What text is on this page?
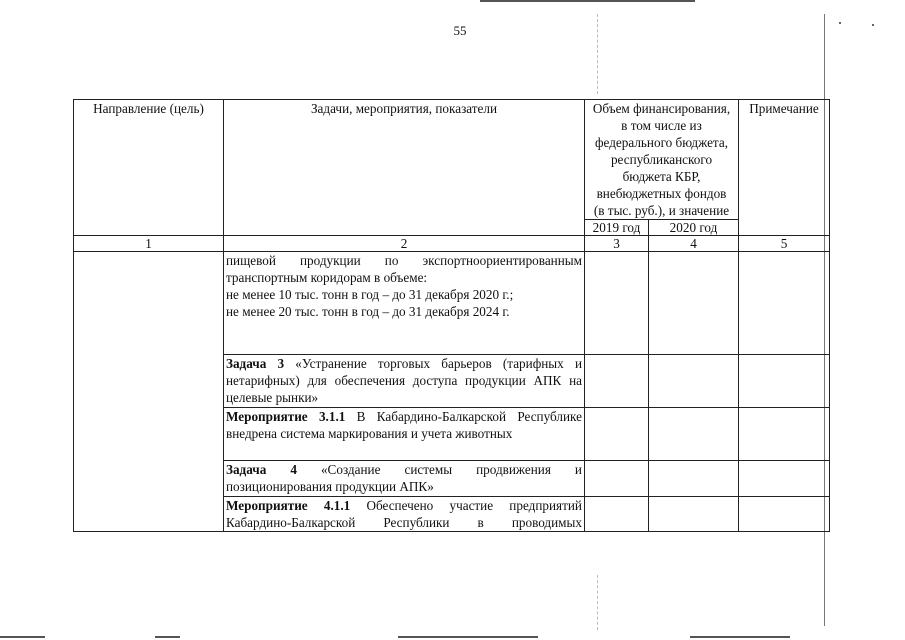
55
Направление (цель)	Задачи, мероприятия, показатели	Объем финансирования, в том числе из федерального бюджета, республиканского бюджета КБР, внебюджетных фондов (в тыс. руб.), и значение		Примечание
		2019 год	2020 год	
1	2	3	4	5

	пищевой продукции по экспортноориентированным транспортным коридорам в объеме:
не менее 10 тыс. тонн в год – до 31 декабря 2020 г.;
не менее 20 тыс. тонн в год – до 31 декабря 2024 г.			

	Задача 3 «Устранение торговых барьеров (тарифных и нетарифных) для обеспечения доступа продукции АПК на целевые рынки»			
	Мероприятие 3.1.1 В Кабардино-Балкарской Республике внедрена система маркирования и учета животных			
	Задача 4 «Создание системы продвижения и позиционирования продукции АПК»			
	Мероприятие 4.1.1 Обеспечено участие предприятий Кабардино-Балкарской Республики в проводимых			
